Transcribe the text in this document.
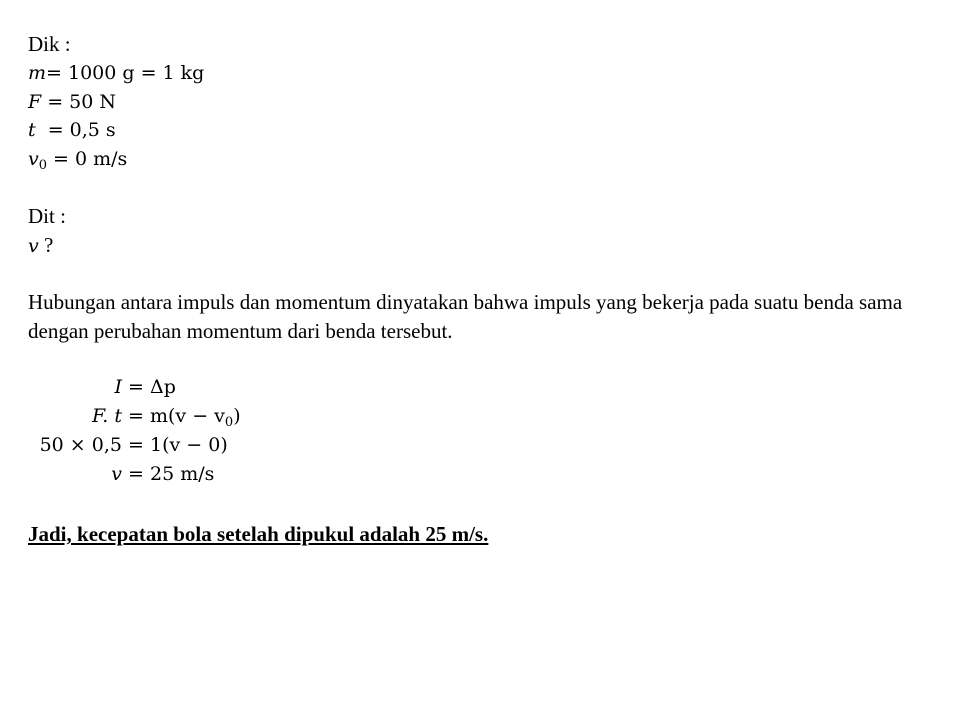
Dik :
m= 1000 g = 1 kg
F = 50 N
t  = 0,5 s
$v_0 = 0$ m/s
Dit :
v ?
Hubungan antara impuls dan momentum dinyatakan bahwa impuls yang bekerja pada suatu benda sama dengan perubahan momentum dari benda tersebut.
I = Δp
F. $t = m(v - v_0)$
50 × 0,5 = 1(v − 0)
v = 25 m/s
Jadi, kecepatan bola setelah dipukul adalah 25 m/s.
